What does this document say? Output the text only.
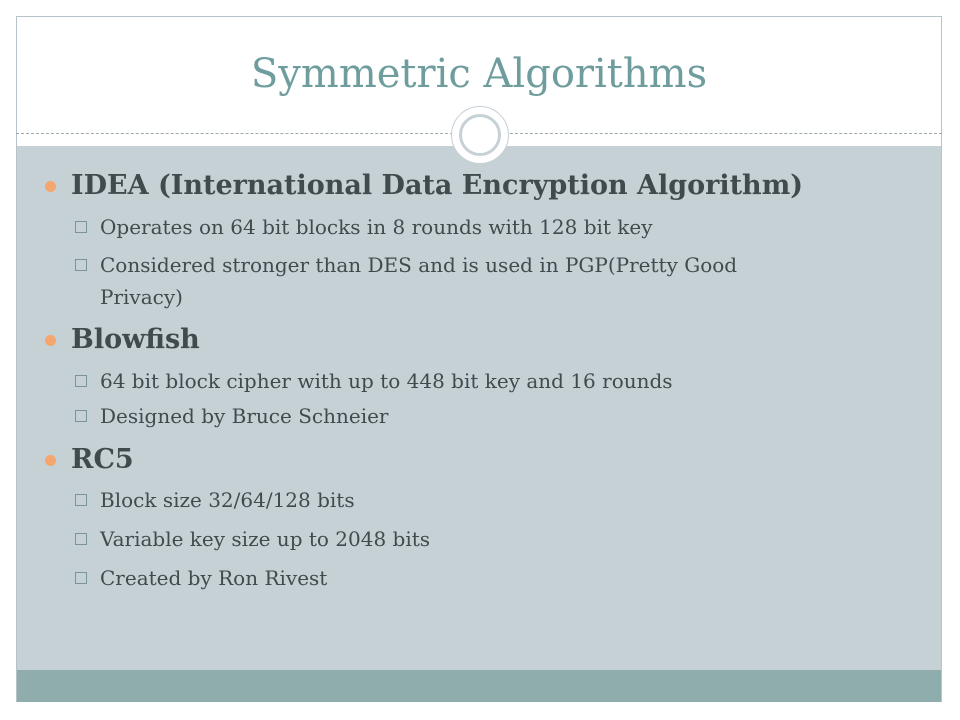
Symmetric Algorithms
IDEA (International Data Encryption Algorithm)
Operates on 64 bit blocks in 8 rounds with 128 bit key
Considered stronger than DES and is used in PGP(Pretty Good
Privacy)
Blowfish
64 bit block cipher with up to 448 bit key and 16 rounds
Designed by Bruce Schneier
RC5
Block size 32/64/128 bits
Variable key size up to 2048 bits
Created by Ron Rivest
